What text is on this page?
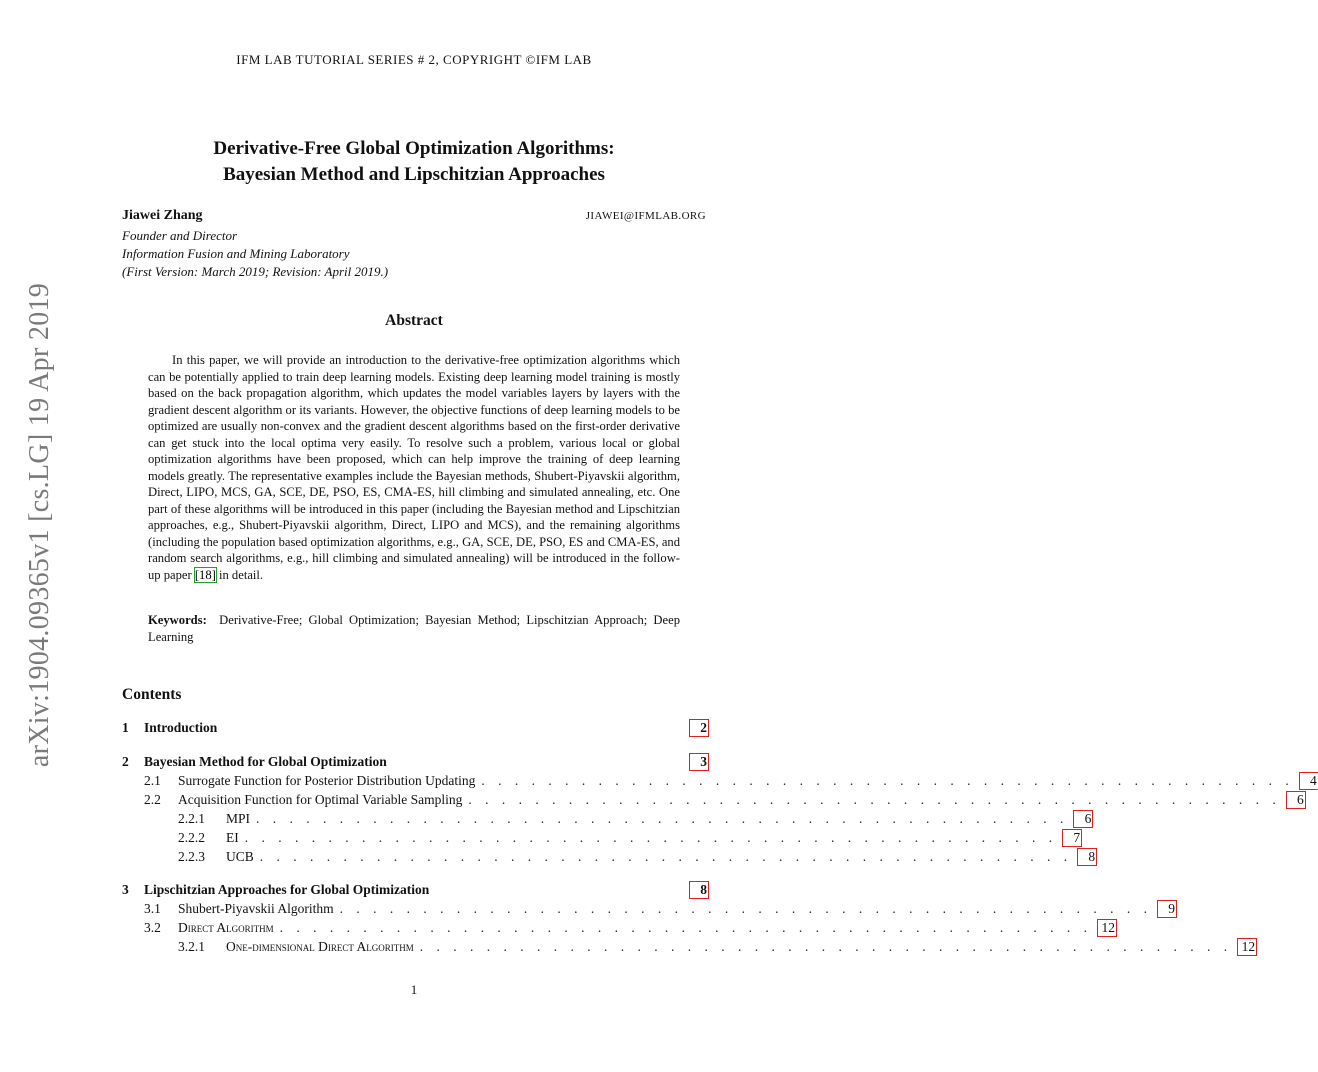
IFM LAB TUTORIAL SERIES # 2, COPYRIGHT ©IFM LAB
arXiv:1904.09365v1 [cs.LG] 19 Apr 2019
Derivative-Free Global Optimization Algorithms:
Bayesian Method and Lipschitzian Approaches
Jiawei Zhang	JIAWEI@IFMLAB.ORG
Founder and Director
Information Fusion and Mining Laboratory
(First Version: March 2019; Revision: April 2019.)
Abstract
In this paper, we will provide an introduction to the derivative-free optimization algorithms which can be potentially applied to train deep learning models. Existing deep learning model training is mostly based on the back propagation algorithm, which updates the model variables layers by layers with the gradient descent algorithm or its variants. However, the objective functions of deep learning models to be optimized are usually non-convex and the gradient descent algorithms based on the first-order derivative can get stuck into the local optima very easily. To resolve such a problem, various local or global optimization algorithms have been proposed, which can help improve the training of deep learning models greatly. The representative examples include the Bayesian methods, Shubert-Piyavskii algorithm, Direct, LIPO, MCS, GA, SCE, DE, PSO, ES, CMA-ES, hill climbing and simulated annealing, etc. One part of these algorithms will be introduced in this paper (including the Bayesian method and Lipschitzian approaches, e.g., Shubert-Piyavskii algorithm, Direct, LIPO and MCS), and the remaining algorithms (including the population based optimization algorithms, e.g., GA, SCE, DE, PSO, ES and CMA-ES, and random search algorithms, e.g., hill climbing and simulated annealing) will be introduced in the follow-up paper [18] in detail.
Keywords: Derivative-Free; Global Optimization; Bayesian Method; Lipschitzian Approach; Deep Learning
Contents
1	Introduction	2
2	Bayesian Method for Global Optimization	3
2.1	Surrogate Function for Posterior Distribution Updating . . . . . . . . . . . . . . . . . . . . . . . . . . . . . . . . . . . . . . . . . . . . . . . . .	4
2.2	Acquisition Function for Optimal Variable Sampling . . . . . . . . . . . . . . . . . . . . . . . . . . . . . . . . . . . . . . . . . . . . . . . . .	6
2.2.1	MPI . . . . . . . . . . . . . . . . . . . . . . . . . . . . . . . . . . . . . . . . . . . . . . . . .	6
2.2.2	EI . . . . . . . . . . . . . . . . . . . . . . . . . . . . . . . . . . . . . . . . . . . . . . . . .	7
2.2.3	UCB . . . . . . . . . . . . . . . . . . . . . . . . . . . . . . . . . . . . . . . . . . . . . . . . .	8
3	Lipschitzian Approaches for Global Optimization	8
3.1	Shubert-Piyavskii Algorithm . . . . . . . . . . . . . . . . . . . . . . . . . . . . . . . . . . . . . . . . . . . . . . . . .	9
3.2	Direct Algorithm . . . . . . . . . . . . . . . . . . . . . . . . . . . . . . . . . . . . . . . . . . . . . . . . . 12
3.2.1	One-dimensional Direct Algorithm . . . . . . . . . . . . . . . . . . . . . . . . . . . . . . . . . . . . . . . . . . . . . . . . . 12
1
